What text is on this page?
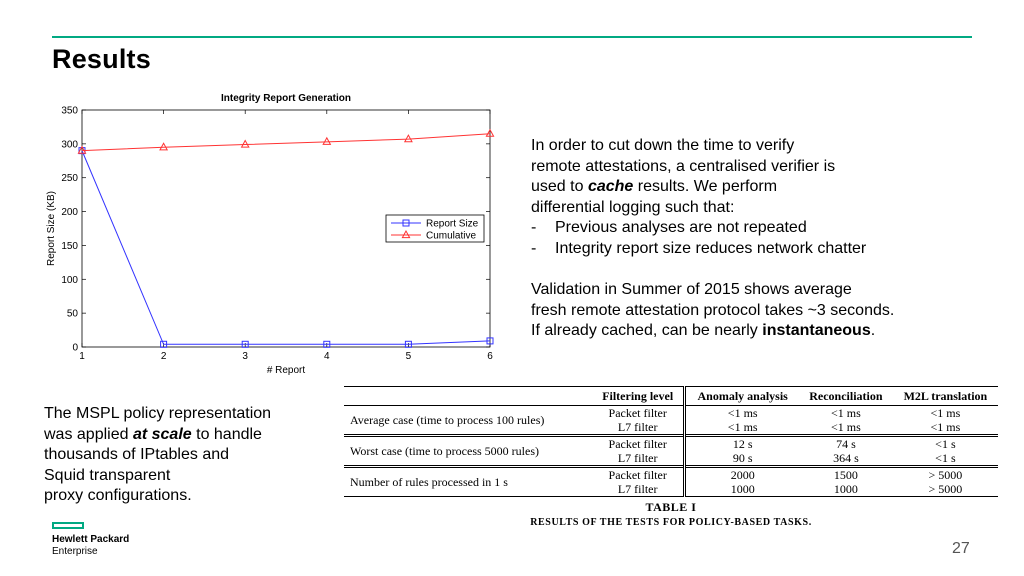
Results
Integrity Report Generation
0
50
100
150
200
250
300
350
1	2	3	4	5	6
# Report
Report Size (KB)	Report Size
Cumulative
In order to cut down the time to verify
remote attestations, a centralised verifier is
used to cache results. We perform
differential logging such that:
- Previous analyses are not repeated
- Integrity report size reduces network chatter
Validation in Summer of 2015 shows average
fresh remote attestation protocol takes ~3 seconds.
If already cached, can be nearly instantaneous.
The MSPL policy representation
was applied at scale to handle
thousands of IPtables and
Squid transparent
proxy configurations.
	Filtering level	Anomaly analysis	Reconciliation	M2L translation
Average case (time to process 100 rules)	Packet filter	<1 ms	<1 ms	<1 ms
	L7 filter	<1 ms	<1 ms	<1 ms
Worst case (time to process 5000 rules)	Packet filter	12 s	74 s	<1 s
	L7 filter	90 s	364 s	<1 s
Number of rules processed in 1 s	Packet filter	2000	1500	> 5000
	L7 filter	1000	1000	> 5000
TABLE I
RESULTS OF THE TESTS FOR POLICY-BASED TASKS.
Hewlett Packard
Enterprise	27
